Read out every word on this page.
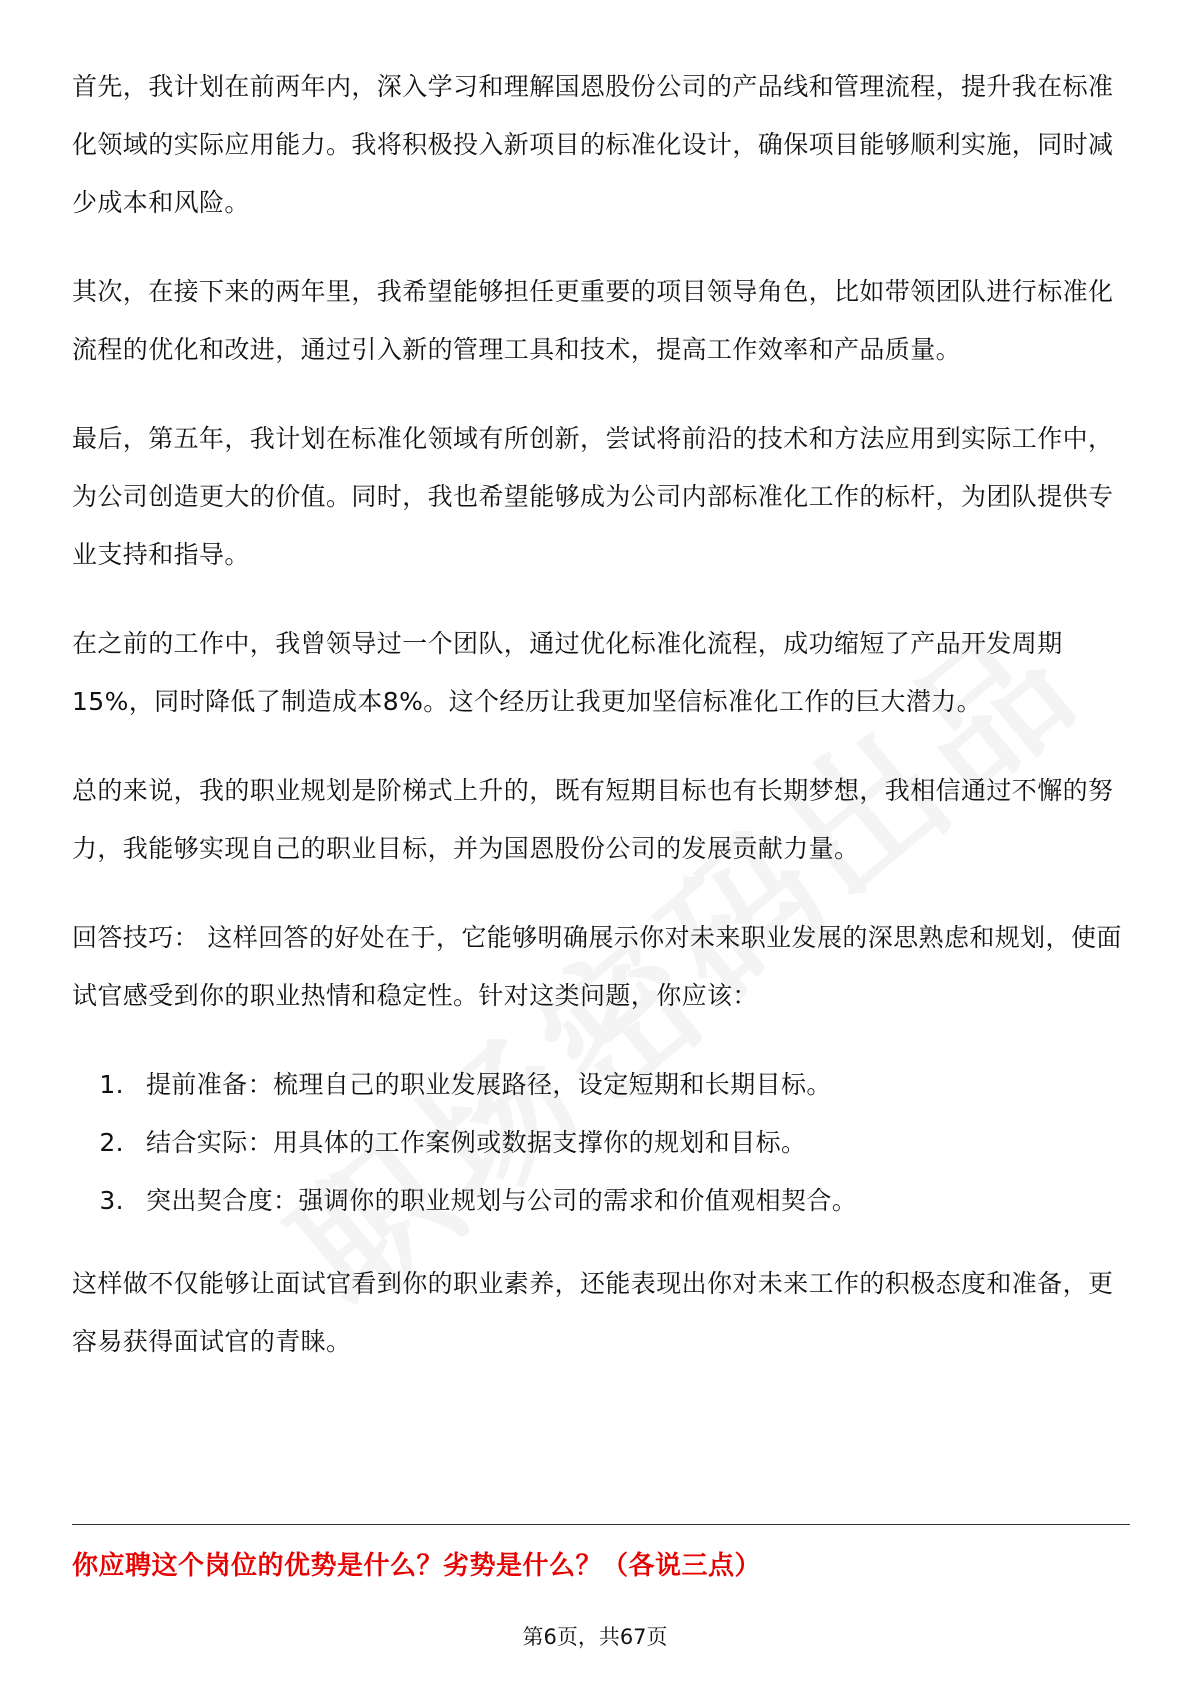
首先，我计划在前两年内，深入学习和理解国恩股份公司的产品线和管理流程，提升我在标准化领域的实际应用能力。我将积极投入新项目的标准化设计，确保项目能够顺利实施，同时减少成本和风险。

其次，在接下来的两年里，我希望能够担任更重要的项目领导角色，比如带领团队进行标准化流程的优化和改进，通过引入新的管理工具和技术，提高工作效率和产品质量。

最后，第五年，我计划在标准化领域有所创新，尝试将前沿的技术和方法应用到实际工作中，为公司创造更大的价值。同时，我也希望能够成为公司内部标准化工作的标杆，为团队提供专业支持和指导。

在之前的工作中，我曾领导过一个团队，通过优化标准化流程，成功缩短了产品开发周期15%，同时降低了制造成本8%。这个经历让我更加坚信标准化工作的巨大潜力。

总的来说，我的职业规划是阶梯式上升的，既有短期目标也有长期梦想，我相信通过不懈的努力，我能够实现自己的职业目标，并为国恩股份公司的发展贡献力量。

回答技巧： 这样回答的好处在于，它能够明确展示你对未来职业发展的深思熟虑和规划，使面试官感受到你的职业热情和稳定性。针对这类问题，你应该：

1. 提前准备：梳理自己的职业发展路径，设定短期和长期目标。
2. 结合实际：用具体的工作案例或数据支撑你的规划和目标。
3. 突出契合度：强调你的职业规划与公司的需求和价值观相契合。

这样做不仅能够让面试官看到你的职业素养，还能表现出你对未来工作的积极态度和准备，更容易获得面试官的青睐。

你应聘这个岗位的优势是什么？劣势是什么？（各说三点）
第6页，共67页
